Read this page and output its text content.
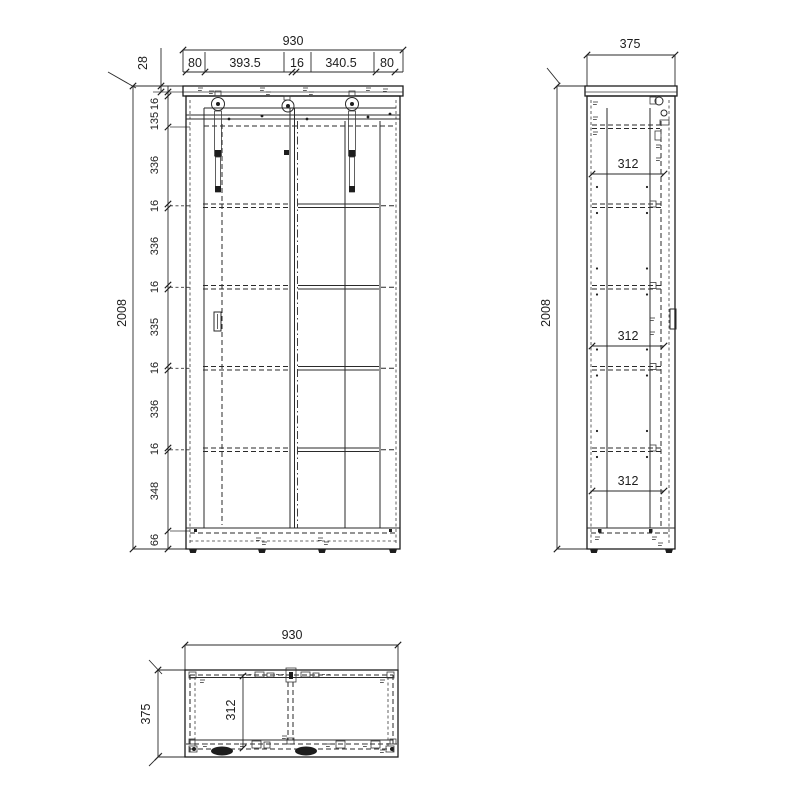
930
80 393.5 16 340.5 80
2008
28
16
135
336
16
336
16
335
16
336
16
348
66
375
2008
312
312
312
930
375	312
